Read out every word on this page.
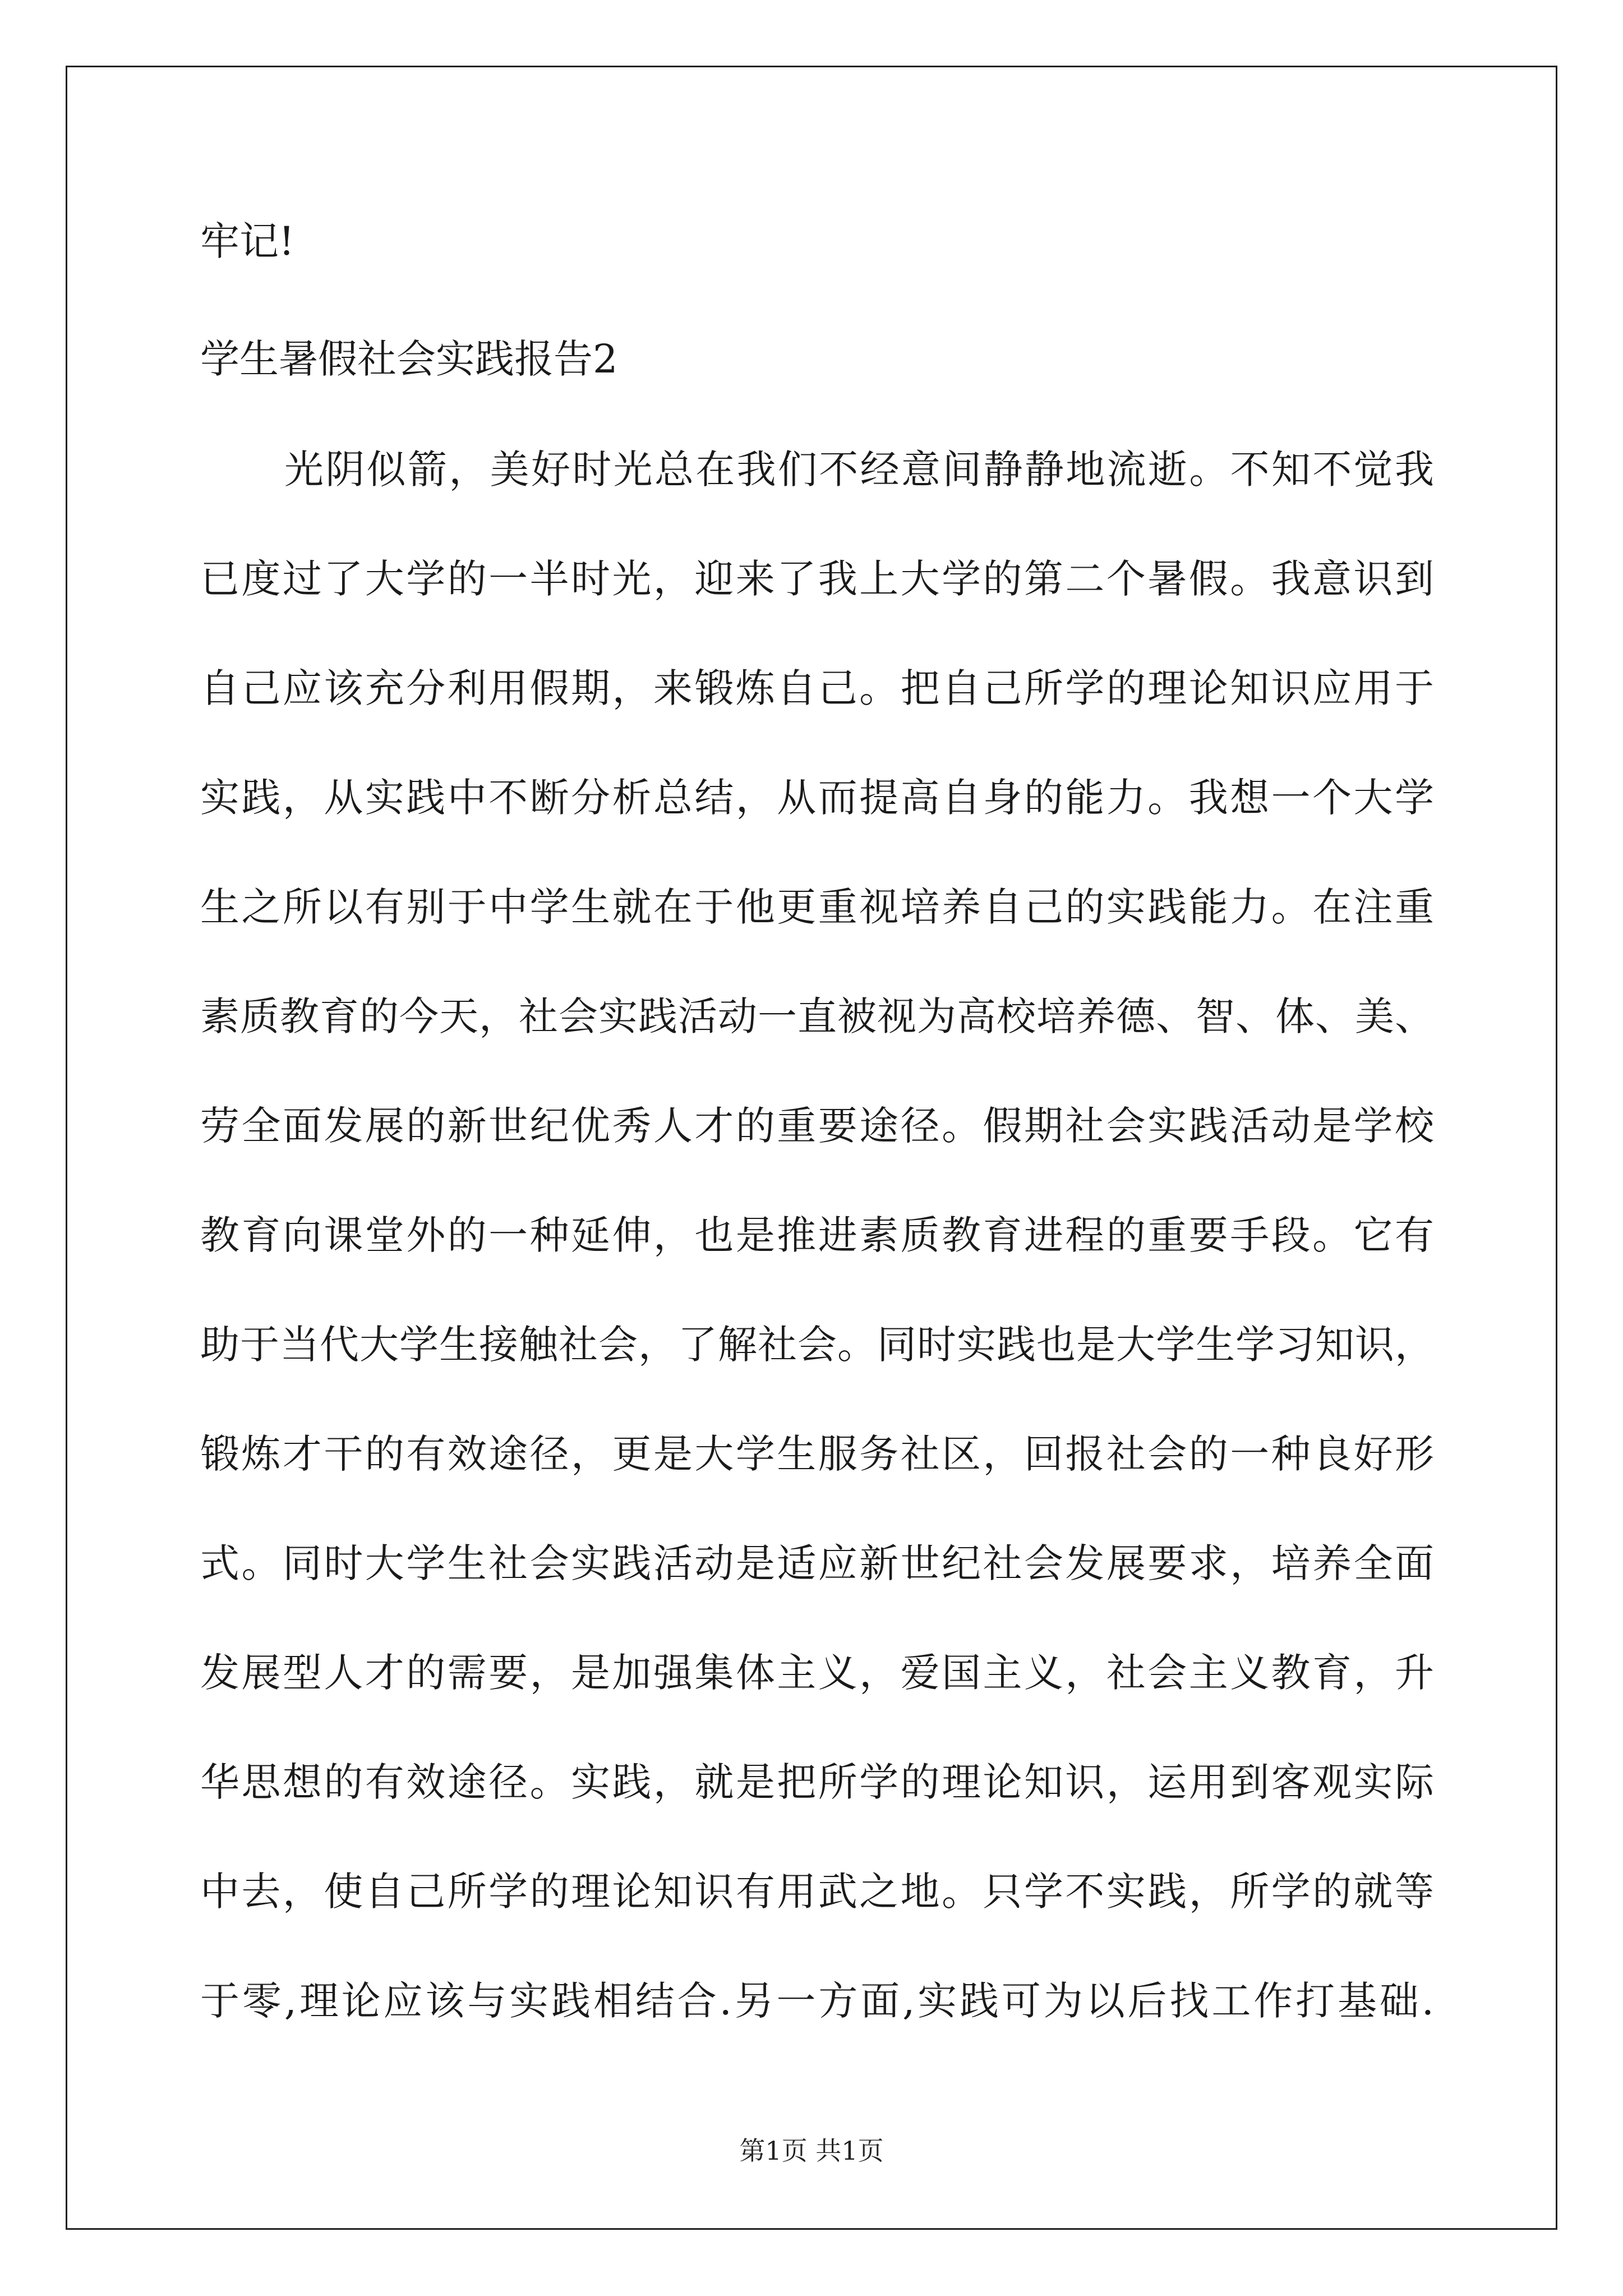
牢记!
学生暑假社会实践报告2
光阴似箭，美好时光总在我们不经意间静静地流逝。不知不觉我
已度过了大学的一半时光，迎来了我上大学的第二个暑假。我意识到
自己应该充分利用假期，来锻炼自己。把自己所学的理论知识应用于
实践，从实践中不断分析总结，从而提高自身的能力。我想一个大学
生之所以有别于中学生就在于他更重视培养自己的实践能力。在注重
素质教育的今天，社会实践活动一直被视为高校培养德、智、体、美、
劳全面发展的新世纪优秀人才的重要途径。假期社会实践活动是学校
教育向课堂外的一种延伸，也是推进素质教育进程的重要手段。它有
助于当代大学生接触社会，了解社会。同时实践也是大学生学习知识，
锻炼才干的有效途径，更是大学生服务社区，回报社会的一种良好形
式。同时大学生社会实践活动是适应新世纪社会发展要求，培养全面
发展型人才的需要，是加强集体主义，爱国主义，社会主义教育，升
华思想的有效途径。实践，就是把所学的理论知识，运用到客观实际
中去，使自己所学的理论知识有用武之地。只学不实践，所学的就等
于零,理论应该与实践相结合.另一方面,实践可为以后找工作打基础.
第1页 共1页
